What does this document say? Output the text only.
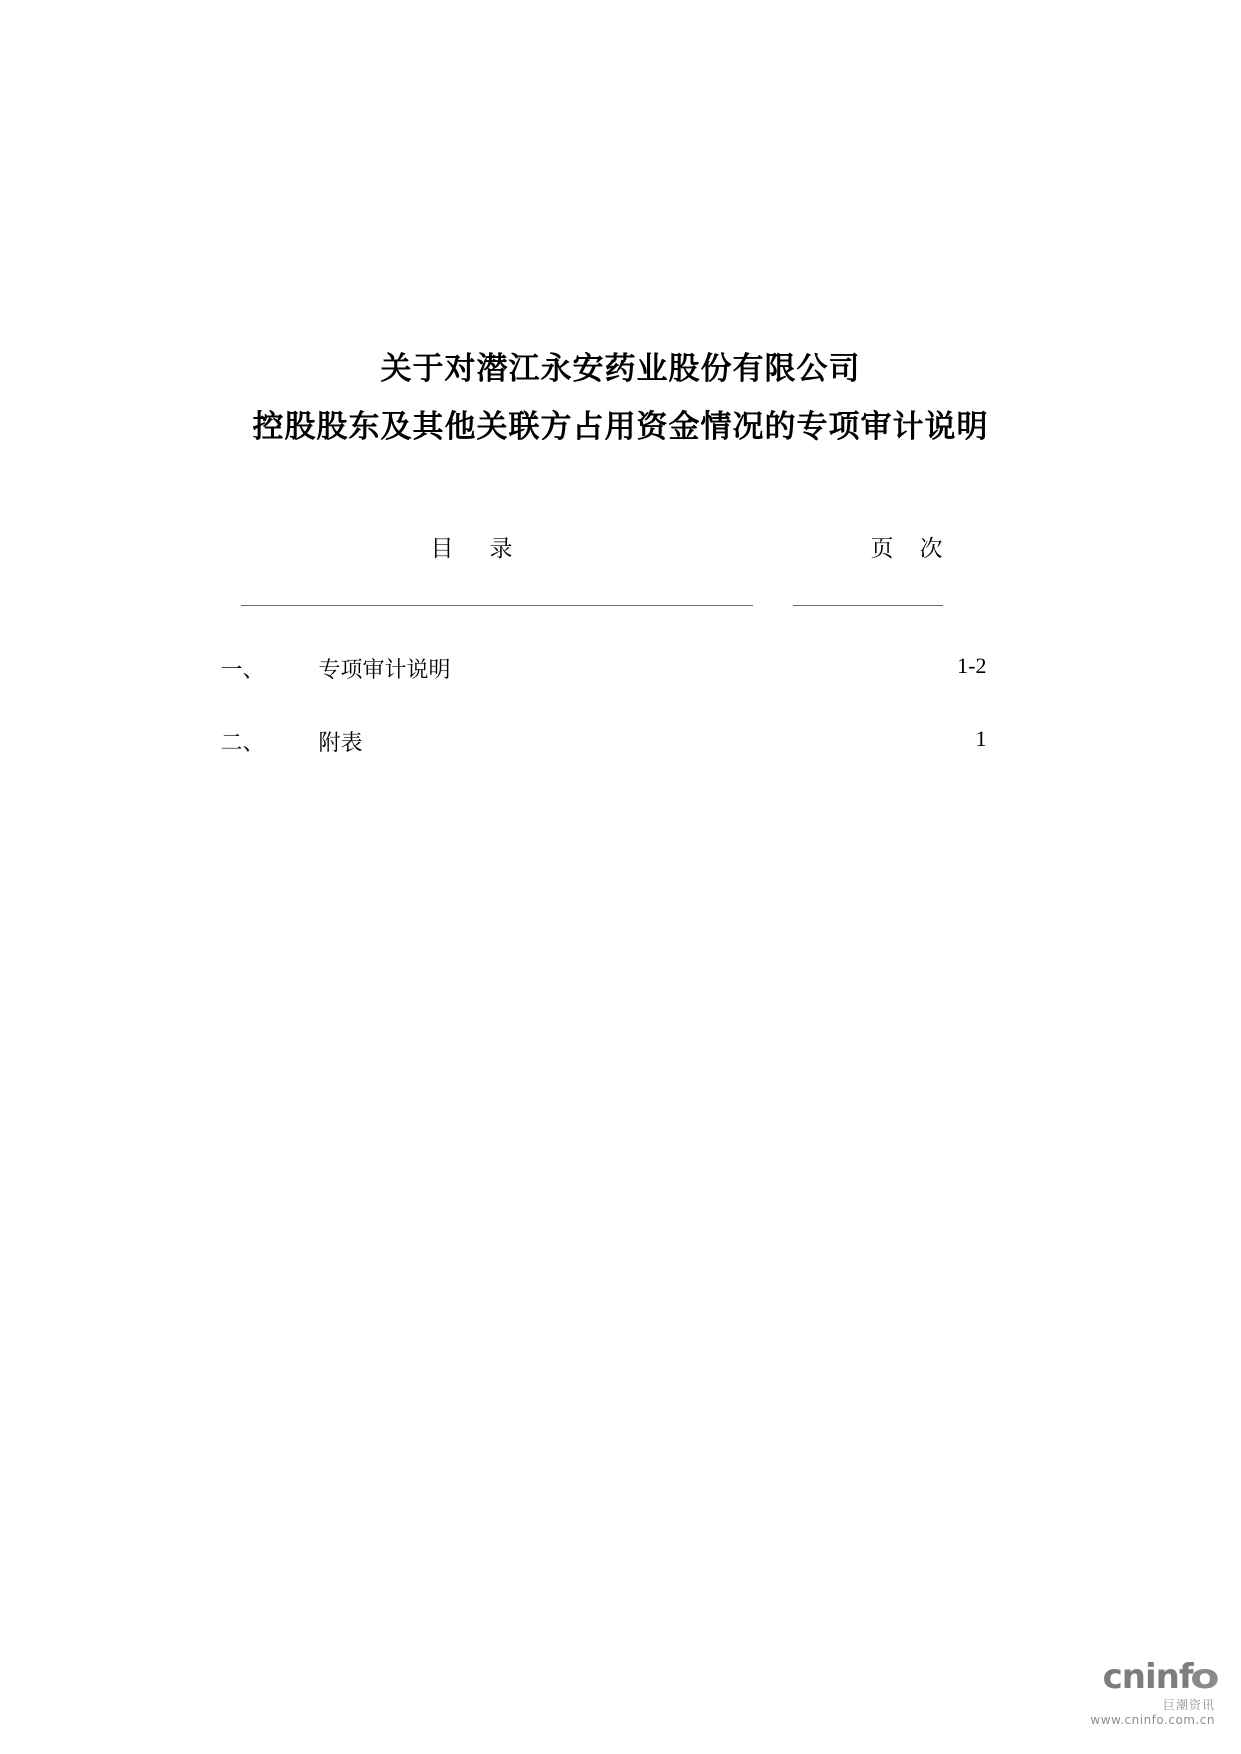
关于对潜江永安药业股份有限公司
控股股东及其他关联方占用资金情况的专项审计说明
目录	页次
一、	专项审计说明	1-2
二、	附表	1
cninfo
巨潮资讯
www.cninfo.com.cn
